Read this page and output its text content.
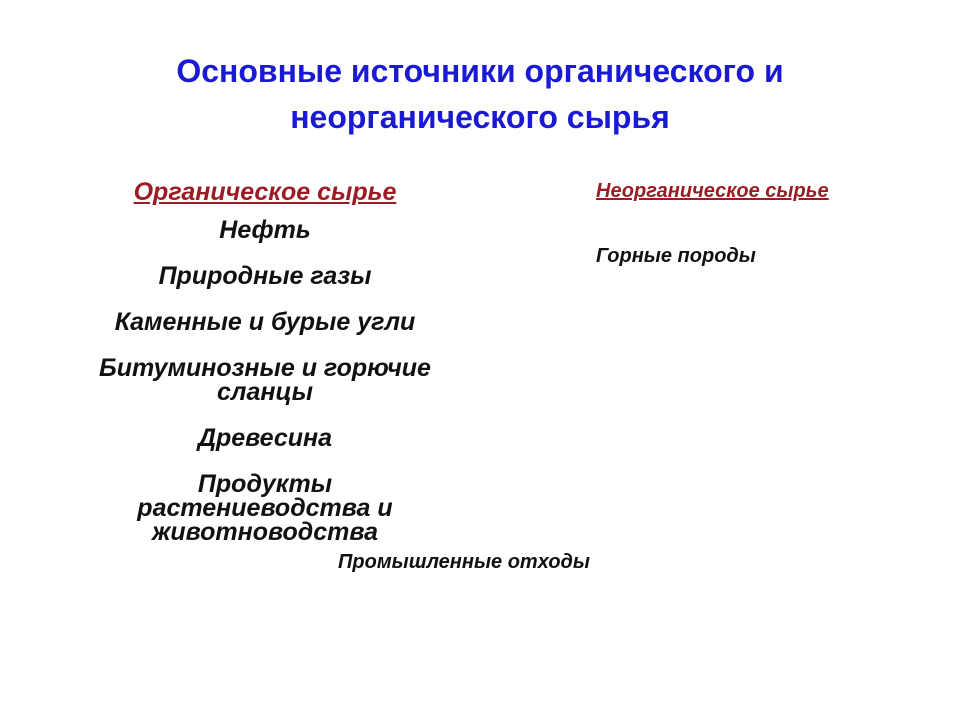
Основные источники органического и
неорганического сырья
Органическое сырье
Нефть
Природные газы
Каменные и бурые угли
Битуминозные и горючие сланцы
Древесина
Продукты растениеводства и животноводства
Неорганическое сырье
Горные породы
Промышленные отходы
